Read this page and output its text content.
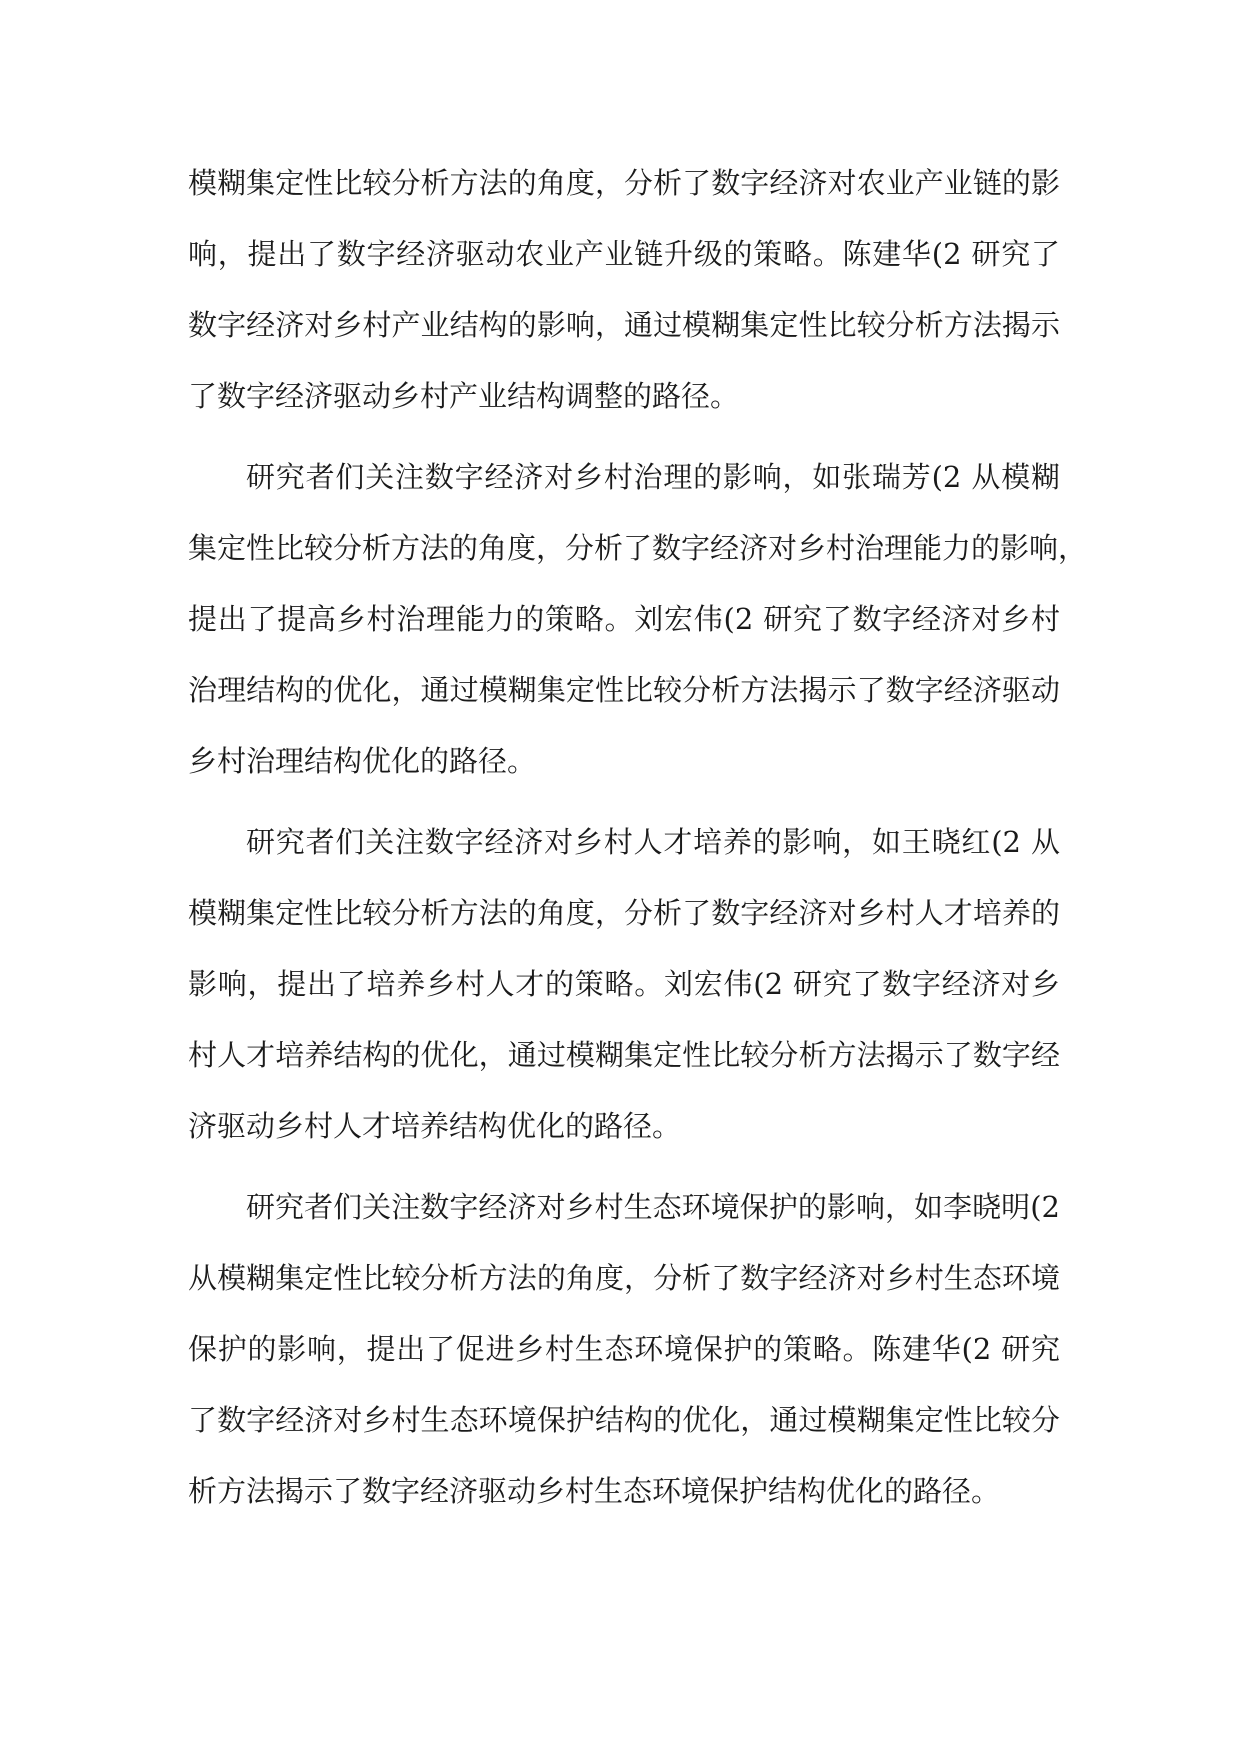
模糊集定性比较分析方法的角度，分析了数字经济对农业产业链的影
响，提出了数字经济驱动农业产业链升级的策略。陈建华(2 研究了
数字经济对乡村产业结构的影响，通过模糊集定性比较分析方法揭示
了数字经济驱动乡村产业结构调整的路径。
研究者们关注数字经济对乡村治理的影响，如张瑞芳(2 从模糊
集定性比较分析方法的角度，分析了数字经济对乡村治理能力的影响，
提出了提高乡村治理能力的策略。刘宏伟(2 研究了数字经济对乡村
治理结构的优化，通过模糊集定性比较分析方法揭示了数字经济驱动
乡村治理结构优化的路径。
研究者们关注数字经济对乡村人才培养的影响，如王晓红(2 从
模糊集定性比较分析方法的角度，分析了数字经济对乡村人才培养的
影响，提出了培养乡村人才的策略。刘宏伟(2 研究了数字经济对乡
村人才培养结构的优化，通过模糊集定性比较分析方法揭示了数字经
济驱动乡村人才培养结构优化的路径。
研究者们关注数字经济对乡村生态环境保护的影响，如李晓明(2
从模糊集定性比较分析方法的角度，分析了数字经济对乡村生态环境
保护的影响，提出了促进乡村生态环境保护的策略。陈建华(2 研究
了数字经济对乡村生态环境保护结构的优化，通过模糊集定性比较分
析方法揭示了数字经济驱动乡村生态环境保护结构优化的路径。
